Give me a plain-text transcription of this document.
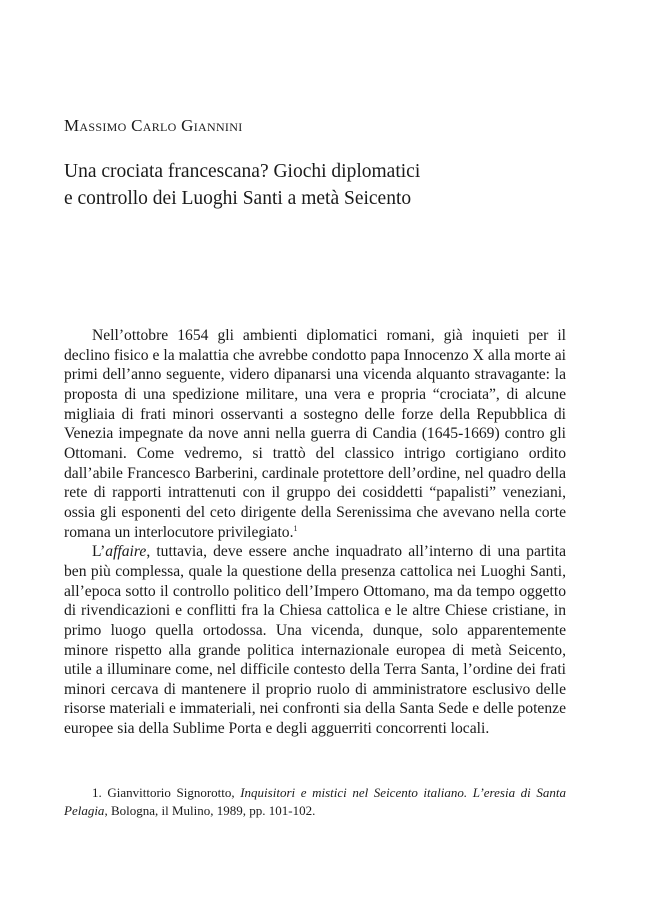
Massimo Carlo Giannini
Una crociata francescana? Giochi diplomatici
e controllo dei Luoghi Santi a metà Seicento

Nell’ottobre 1654 gli ambienti diplomatici romani, già inquieti per il declino fisico e la malattia che avrebbe condotto papa Innocenzo X alla morte ai primi dell’anno seguente, videro dipanarsi una vicenda alquanto stravagante: la proposta di una spedizione militare, una vera e propria “crociata”, di alcune migliaia di frati minori osservanti a sostegno delle forze della Repubblica di Venezia impegnate da nove anni nella guerra di Candia (1645-1669) contro gli Ottomani. Come vedremo, si trattò del classico intrigo cortigiano ordito dall’abile Francesco Barberini, cardinale protettore dell’ordine, nel quadro della rete di rapporti intrattenuti con il gruppo dei cosiddetti “papalisti” veneziani, ossia gli esponenti del ceto dirigente della Serenissima che avevano nella corte romana un interlocutore privilegiato.$^1$

L’affaire, tuttavia, deve essere anche inquadrato all’interno di una partita ben più complessa, quale la questione della presenza cattolica nei Luoghi Santi, all’epoca sotto il controllo politico dell’Impero Ottomano, ma da tempo oggetto di rivendicazioni e conflitti fra la Chiesa cattolica e le altre Chiese cristiane, in primo luogo quella ortodossa. Una vicenda, dunque, solo apparentemente minore rispetto alla grande politica internazionale europea di metà Seicento, utile a illuminare come, nel difficile contesto della Terra Santa, l’ordine dei frati minori cercava di mantenere il proprio ruolo di amministratore esclusivo delle risorse materiali e immateriali, nei confronti sia della Santa Sede e delle potenze europee sia della Sublime Porta e degli agguerriti concorrenti locali.

1. Gianvittorio Signorotto, Inquisitori e mistici nel Seicento italiano. L’eresia di Santa Pelagia, Bologna, il Mulino, 1989, pp. 101-102.
